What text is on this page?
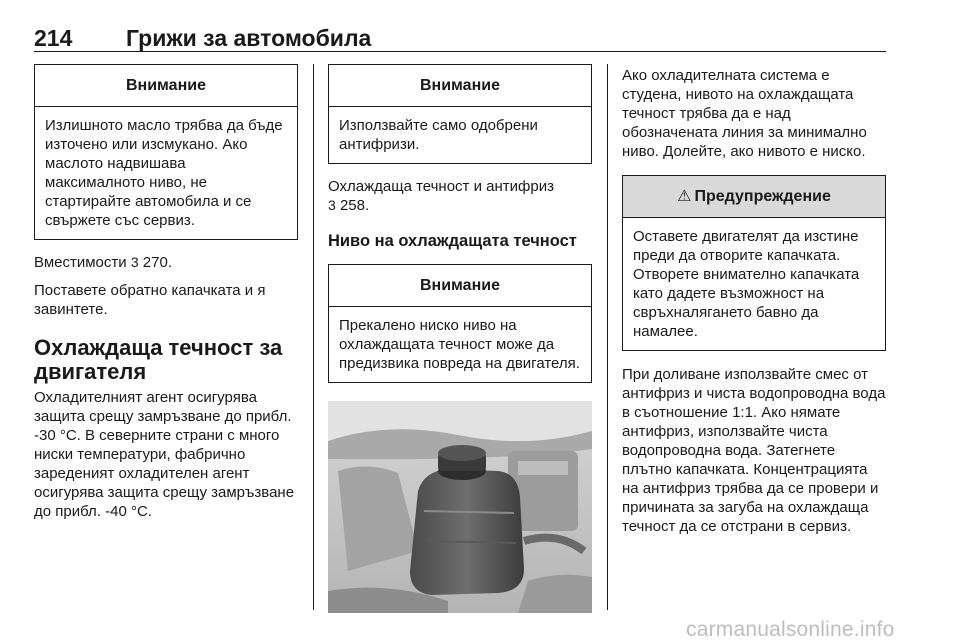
214 Грижи за автомобила
Внимание
Излишното масло трябва да бъде източено или изсмукано. Ако маслото надвишава максималното ниво, не стартирайте автомобила и се свържете със сервиз.
Вместимости 3 270.
Поставете обратно капачката и я завинтете.
Охлаждаща течност за двигателя
Охладителният агент осигурява защита срещу замръзване до прибл. -30 °C. В северните страни с много ниски температури, фабрично зареденият охладителен агент осигурява защита срещу замръзване до прибл. -40 °C.
Внимание
Използвайте само одобрени антифризи.
Охлаждаща течност и антифриз
3 258.
Ниво на охлаждащата течност
Внимание
Прекалено ниско ниво на охлаждащата течност може да предизвика повреда на двигателя.
Ако охладителната система е студена, нивото на охлаждащата течност трябва да е над обозначената линия за минимално ниво. Долейте, ако нивото е ниско.
⚠ Предупреждение
Оставете двигателят да изстине преди да отворите капачката. Отворете внимателно капачката като дадете възможност на свръхналягането бавно да намалее.
При доливане използвайте смес от антифриз и чиста водопроводна вода в съотношение 1:1. Ако нямате антифриз, използвайте чиста водопроводна вода. Затегнете плътно капачката. Концентрацията на антифриз трябва да се провери и причината за загуба на охлаждаща течност да се отстрани в сервиз.
carmanualsonline.info
